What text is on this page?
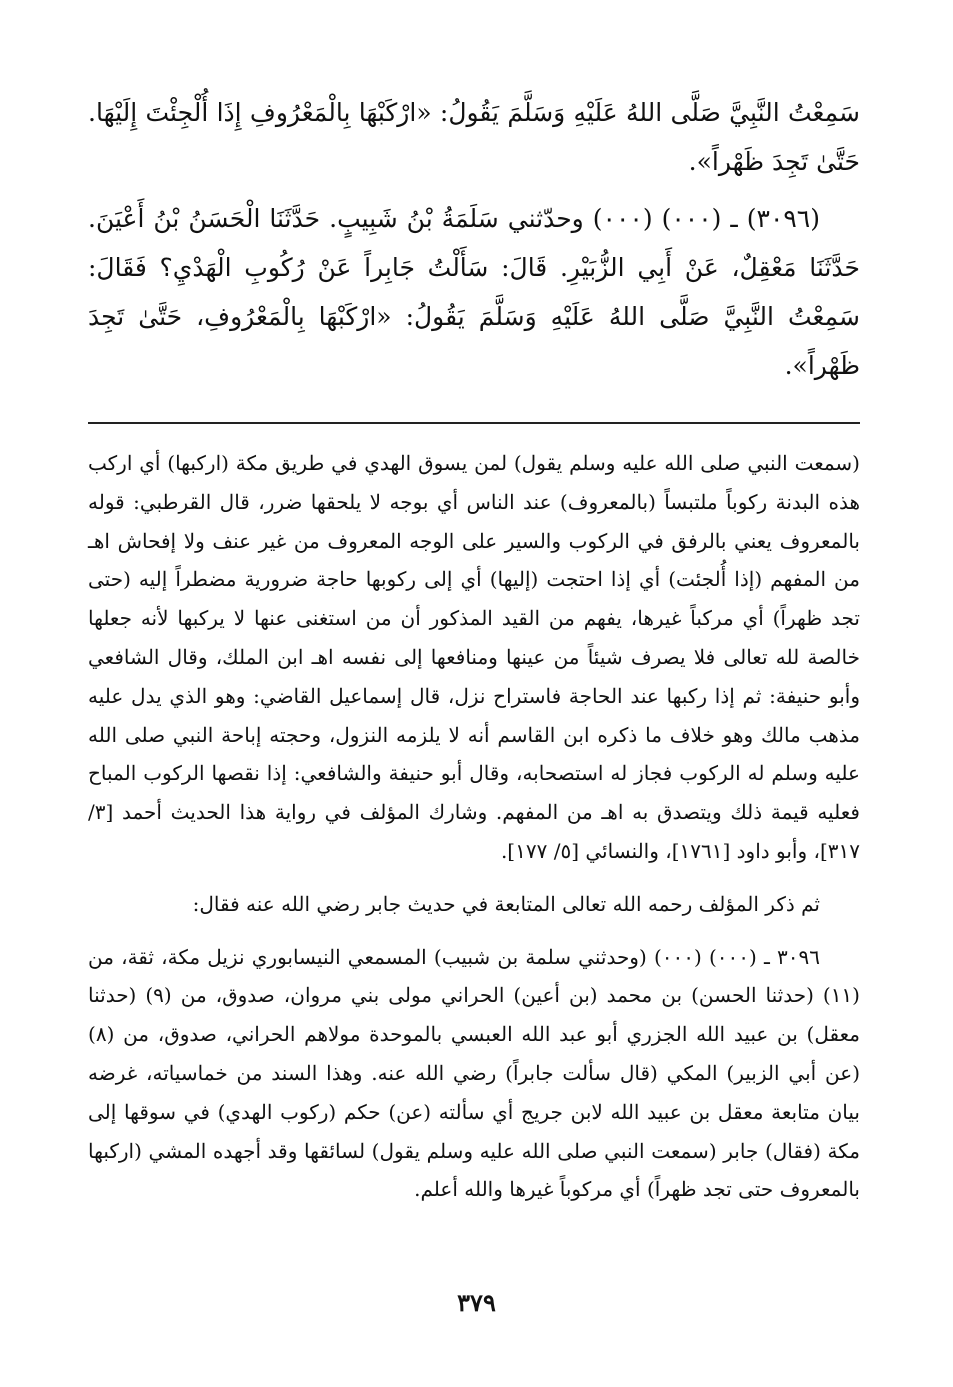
سَمِعْتُ النَّبِيَّ صَلَّى اللهُ عَلَيْهِ وَسَلَّمَ يَقُولُ: «ارْكَبْهَا بِالْمَعْرُوفِ إِذَا أُلْجِئْتَ إِلَيْهَا. حَتَّىٰ تَجِدَ ظَهْراً».

(٣٠٩٦) ـ (٠٠٠) (٠٠٠) وحدّثني سَلَمَةُ بْنُ شَبِيبٍ. حَدَّثَنَا الْحَسَنُ بْنُ أَعْيَنَ. حَدَّثَنَا مَعْقِلٌ، عَنْ أَبِي الزُّبَيْرِ. قَالَ: سَأَلْتُ جَابِراً عَنْ رُكُوبِ الْهَدْيِ؟ فَقَالَ: سَمِعْتُ النَّبِيَّ صَلَّى اللهُ عَلَيْهِ وَسَلَّمَ يَقُولُ: «ارْكَبْهَا بِالْمَعْرُوفِ، حَتَّىٰ تَجِدَ ظَهْراً».

(سمعت النبي صلى الله عليه وسلم يقول) لمن يسوق الهدي في طريق مكة (اركبها) أي اركب هذه البدنة ركوباً ملتبساً (بالمعروف) عند الناس أي بوجه لا يلحقها ضرر، قال القرطبي: قوله بالمعروف يعني بالرفق في الركوب والسير على الوجه المعروف من غير عنف ولا إفحاش اهـ من المفهم (إذا أُلجئت) أي إذا احتجت (إليها) أي إلى ركوبها حاجة ضرورية مضطراً إليه (حتى تجد ظهراً) أي مركباً غيرها، يفهم من القيد المذكور أن من استغنى عنها لا يركبها لأنه جعلها خالصة لله تعالى فلا يصرف شيئاً من عينها ومنافعها إلى نفسه اهـ ابن الملك، وقال الشافعي وأبو حنيفة: ثم إذا ركبها عند الحاجة فاستراح نزل، قال إسماعيل القاضي: وهو الذي يدل عليه مذهب مالك وهو خلاف ما ذكره ابن القاسم أنه لا يلزمه النزول، وحجته إباحة النبي صلى الله عليه وسلم له الركوب فجاز له استصحابه، وقال أبو حنيفة والشافعي: إذا نقصها الركوب المباح فعليه قيمة ذلك ويتصدق به اهـ من المفهم. وشارك المؤلف في رواية هذا الحديث أحمد [٣/ ٣١٧]، وأبو داود [١٧٦١]، والنسائي [٥/ ١٧٧].

ثم ذكر المؤلف رحمه الله تعالى المتابعة في حديث جابر رضي الله عنه فقال:

٣٠٩٦ ـ (٠٠٠) (٠٠٠) (وحدثني سلمة بن شبيب) المسمعي النيسابوري نزيل مكة، ثقة، من (١١) (حدثنا الحسن) بن محمد (بن أعين) الحراني مولى بني مروان، صدوق، من (٩) (حدثنا معقل) بن عبيد الله الجزري أبو عبد الله العبسي بالموحدة مولاهم الحراني، صدوق، من (٨) (عن أبي الزبير) المكي (قال سألت جابراً) رضي الله عنه. وهذا السند من خماسياته، غرضه بيان متابعة معقل بن عبيد الله لابن جريج أي سألته (عن) حكم (ركوب الهدي) في سوقها إلى مكة (فقال) جابر (سمعت النبي صلى الله عليه وسلم يقول) لسائقها وقد أجهده المشي (اركبها بالمعروف حتى تجد ظهراً) أي مركوباً غيرها والله أعلم.

٣٧٩
